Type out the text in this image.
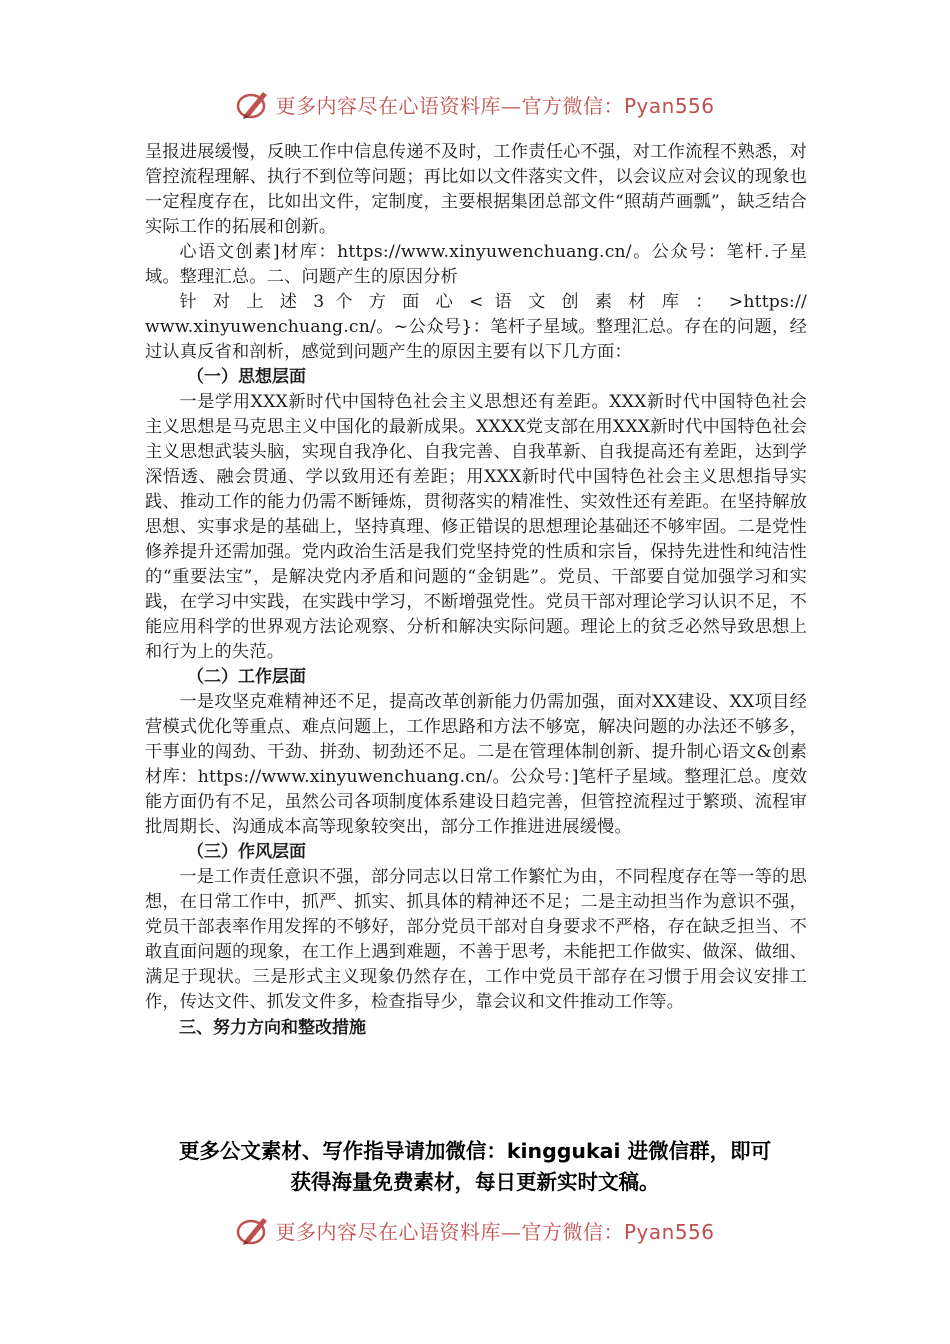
更多内容尽在心语资料库—官方微信：Pyan556

呈报进展缓慢，反映工作中信息传递不及时，工作责任心不强，对工作流程不熟悉，对管控流程理解、执行不到位等问题；再比如以文件落实文件，以会议应对会议的现象也一定程度存在，比如出文件，定制度，主要根据集团总部文件“照葫芦画瓢”，缺乏结合实际工作的拓展和创新。

心语文创素]材库：https://www.xinyuwenchuang.cn/。公众号：笔杆.子星域。整理汇总。二、问题产生的原因分析

针 对 上 述 3 个 方 面 心 < 语 文 创 素 材 库 ： >https://

www.xinyuwenchuang.cn/。~公众号}：笔杆子星域。整理汇总。存在的问题，经过认真反省和剖析，感觉到问题产生的原因主要有以下几方面：

（一）思想层面

一是学用XXX新时代中国特色社会主义思想还有差距。XXX新时代中国特色社会主义思想是马克思主义中国化的最新成果。XXXX党支部在用XXX新时代中国特色社会主义思想武装头脑，实现自我净化、自我完善、自我革新、自我提高还有差距，达到学深悟透、融会贯通、学以致用还有差距；用XXX新时代中国特色社会主义思想指导实践、推动工作的能力仍需不断锤炼，贯彻落实的精准性、实效性还有差距。在坚持解放思想、实事求是的基础上，坚持真理、修正错误的思想理论基础还不够牢固。二是党性修养提升还需加强。党内政治生活是我们党坚持党的性质和宗旨，保持先进性和纯洁性的“重要法宝”，是解决党内矛盾和问题的“金钥匙”。党员、干部要自觉加强学习和实践，在学习中实践，在实践中学习，不断增强党性。党员干部对理论学习认识不足，不能应用科学的世界观方法论观察、分析和解决实际问题。理论上的贫乏必然导致思想上和行为上的失范。

（二）工作层面

一是攻坚克难精神还不足，提高改革创新能力仍需加强，面对XX建设、XX项目经营模式优化等重点、难点问题上，工作思路和方法不够宽，解决问题的办法还不够多，干事业的闯劲、干劲、拼劲、韧劲还不足。二是在管理体制创新、提升制心语文&创素材库：https://www.xinyuwenchuang.cn/。公众号：]笔杆子星域。整理汇总。度效能方面仍有不足，虽然公司各项制度体系建设日趋完善，但管控流程过于繁琐、流程审批周期长、沟通成本高等现象较突出，部分工作推进进展缓慢。

（三）作风层面

一是工作责任意识不强，部分同志以日常工作繁忙为由，不同程度存在等一等的思想，在日常工作中，抓严、抓实、抓具体的精神还不足；二是主动担当作为意识不强，党员干部表率作用发挥的不够好，部分党员干部对自身要求不严格，存在缺乏担当、不敢直面问题的现象，在工作上遇到难题，不善于思考，未能把工作做实、做深、做细、满足于现状。三是形式主义现象仍然存在，工作中党员干部存在习惯于用会议安排工作，传达文件、抓发文件多，检查指导少，靠会议和文件推动工作等。

三、努力方向和整改措施

更多公文素材、写作指导请加微信：kinggukai 进微信群，即可
获得海量免费素材，每日更新实时文稿。
更多内容尽在心语资料库—官方微信：Pyan556
